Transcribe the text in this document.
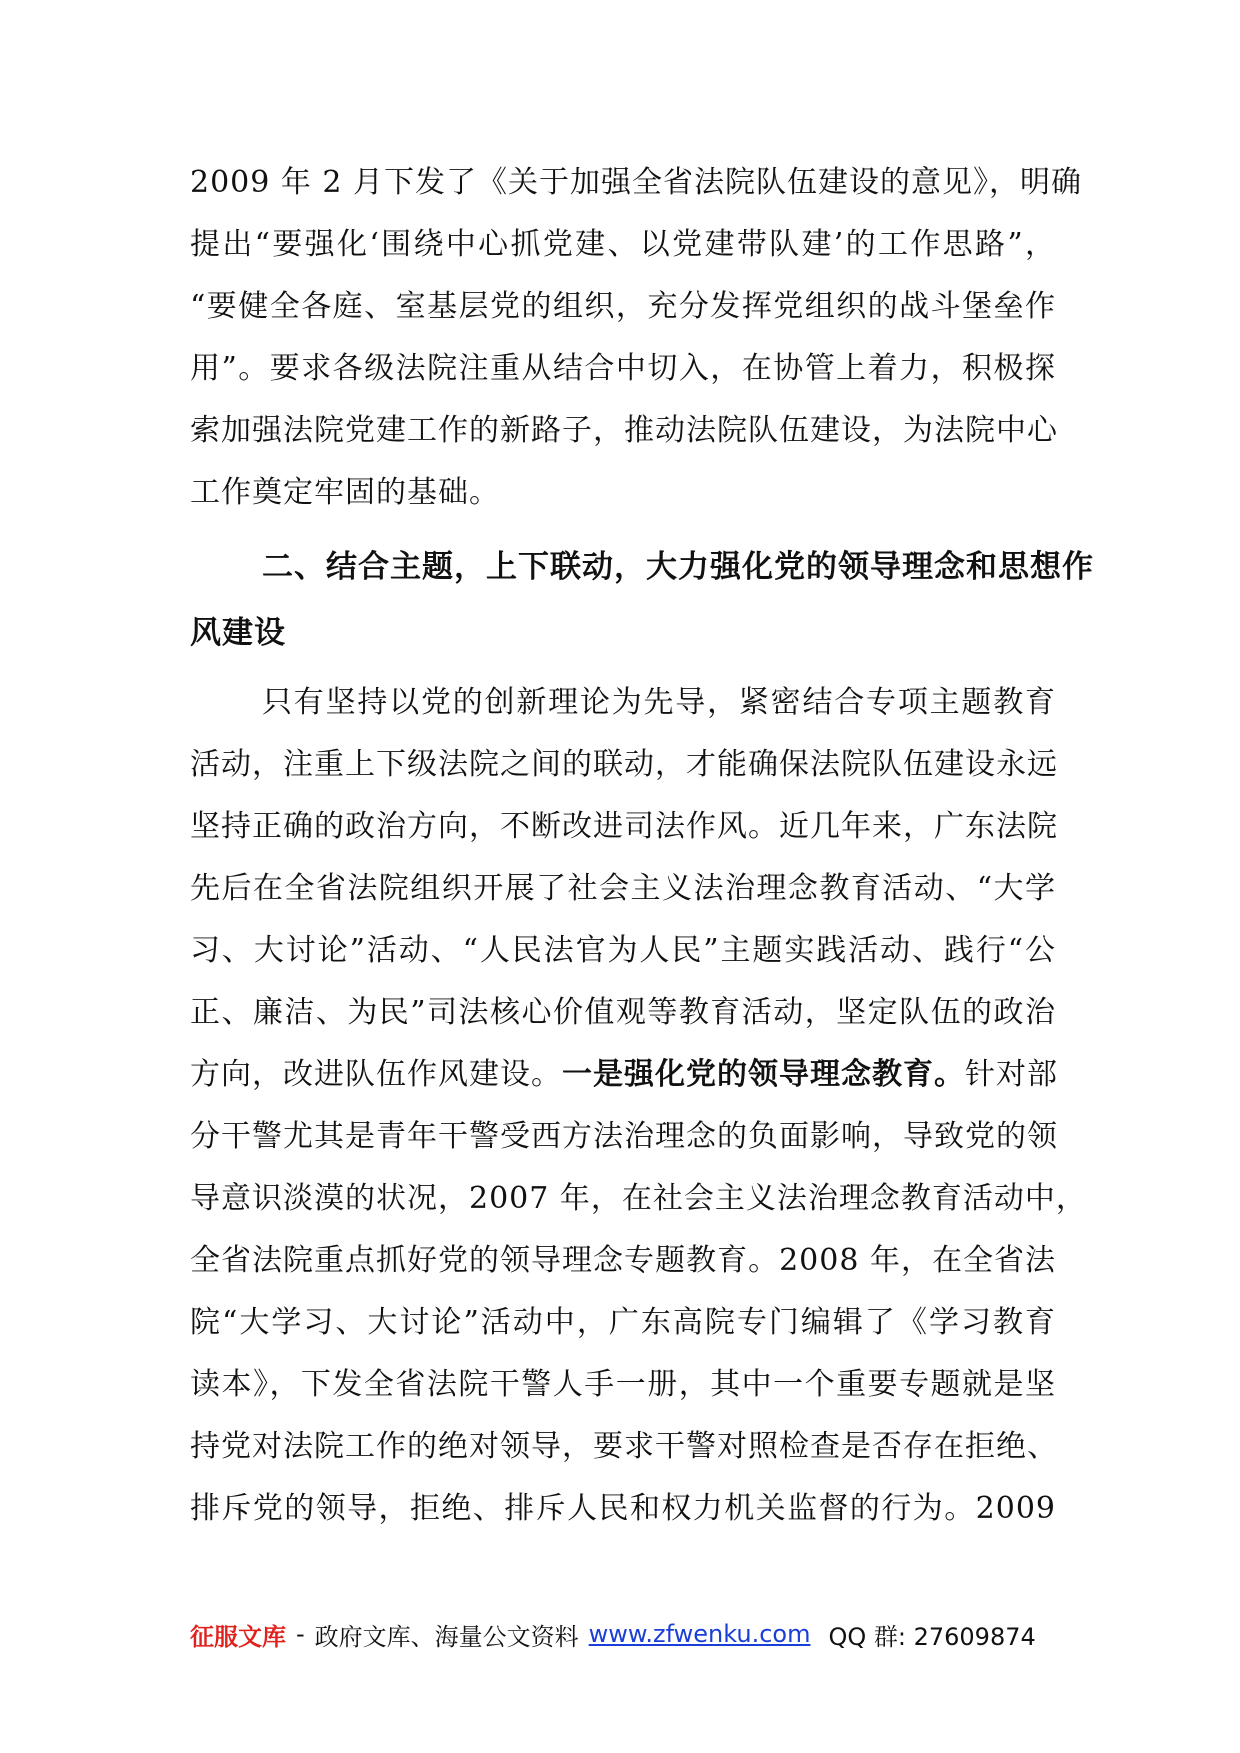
2009 年 2 月下发了《关于加强全省法院队伍建设的意见》，明确
提出“要强化‘围绕中心抓党建、以党建带队建’的工作思路”，
“要健全各庭、室基层党的组织，充分发挥党组织的战斗堡垒作
用”。要求各级法院注重从结合中切入，在协管上着力，积极探
索加强法院党建工作的新路子，推动法院队伍建设，为法院中心
工作奠定牢固的基础。
二、结合主题，上下联动，大力强化党的领导理念和思想作
风建设
只有坚持以党的创新理论为先导，紧密结合专项主题教育
活动，注重上下级法院之间的联动，才能确保法院队伍建设永远
坚持正确的政治方向，不断改进司法作风。近几年来，广东法院
先后在全省法院组织开展了社会主义法治理念教育活动、“大学
习、大讨论”活动、“人民法官为人民”主题实践活动、践行“公
正、廉洁、为民”司法核心价值观等教育活动，坚定队伍的政治
方向，改进队伍作风建设。一是强化党的领导理念教育。针对部
分干警尤其是青年干警受西方法治理念的负面影响，导致党的领
导意识淡漠的状况，2007 年，在社会主义法治理念教育活动中，
全省法院重点抓好党的领导理念专题教育。2008 年，在全省法
院“大学习、大讨论”活动中，广东高院专门编辑了《学习教育
读本》，下发全省法院干警人手一册，其中一个重要专题就是坚
持党对法院工作的绝对领导，要求干警对照检查是否存在拒绝、
排斥党的领导，拒绝、排斥人民和权力机关监督的行为。2009
征服文库 - 政府文库、海量公文资料 www.zfwenku.com QQ 群: 27609874
